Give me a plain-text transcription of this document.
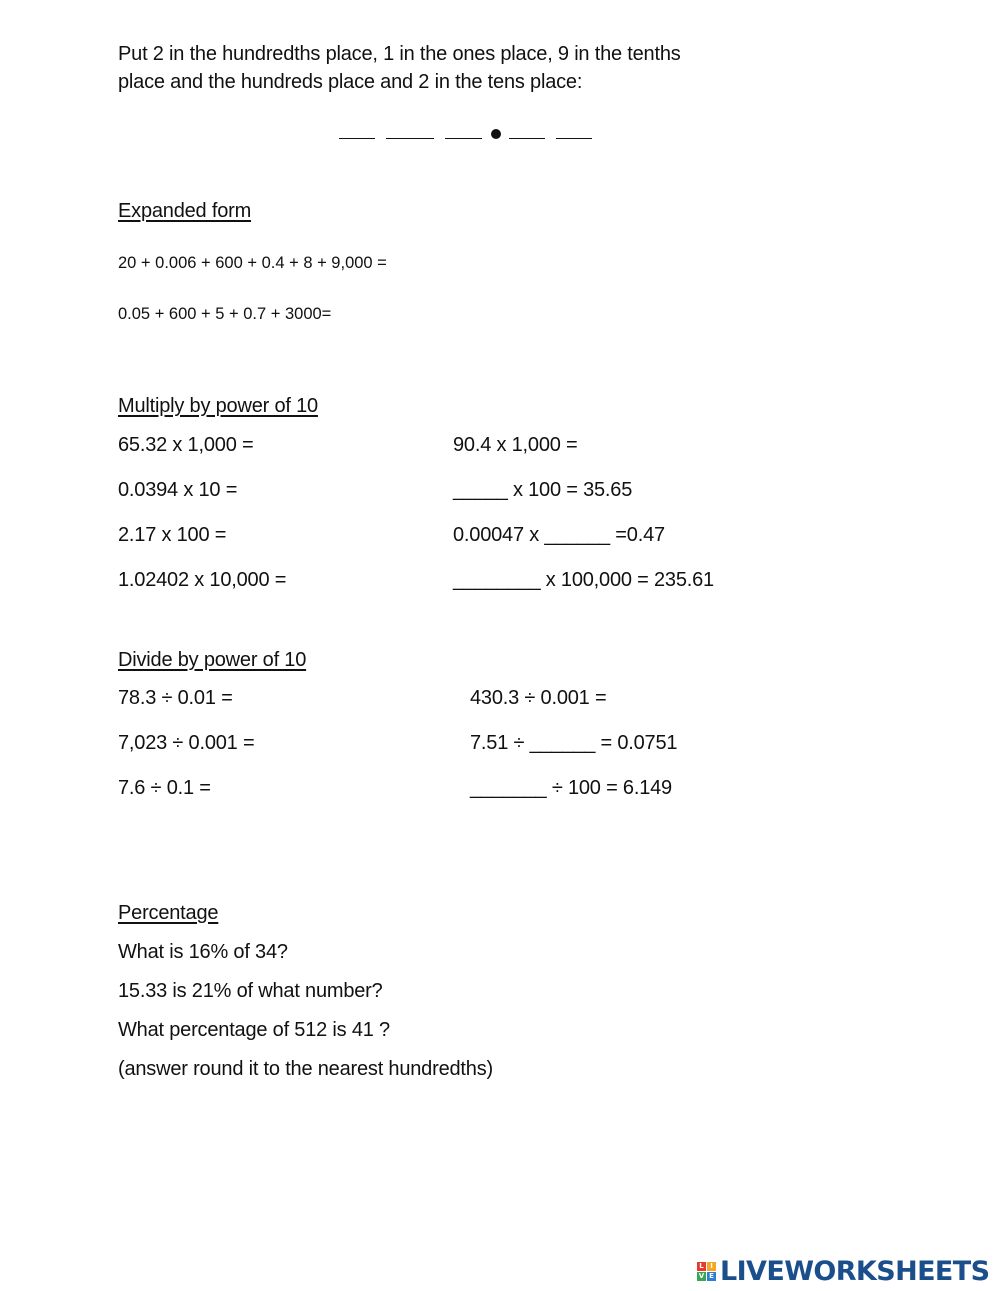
Put 2 in the hundredths place, 1 in the ones place, 9 in the tenths
place and the hundreds place and 2 in the tens place:
Expanded form
20 + 0.006 + 600 + 0.4 + 8 + 9,000 =
0.05 + 600 + 5 + 0.7 + 3000=
Multiply by power of 10
65.32 x 1,000 =
0.0394 x 10 =
2.17 x 100 =
1.02402 x 10,000 =
90.4 x 1,000 =
_____ x 100 = 35.65
0.00047 x ______ =0.47
________ x 100,000 = 235.61
Divide by power of 10
78.3 ÷ 0.01 =
7,023 ÷ 0.001 =
7.6 ÷ 0.1 =
430.3 ÷ 0.001 =
7.51 ÷ ______ = 0.0751
_______ ÷ 100 = 6.149
Percentage
What is 16% of 34?
15.33 is 21% of what number?
What percentage of 512 is 41 ?
(answer round it to the nearest hundredths)
L I
V E LIVEWORKSHEETS
